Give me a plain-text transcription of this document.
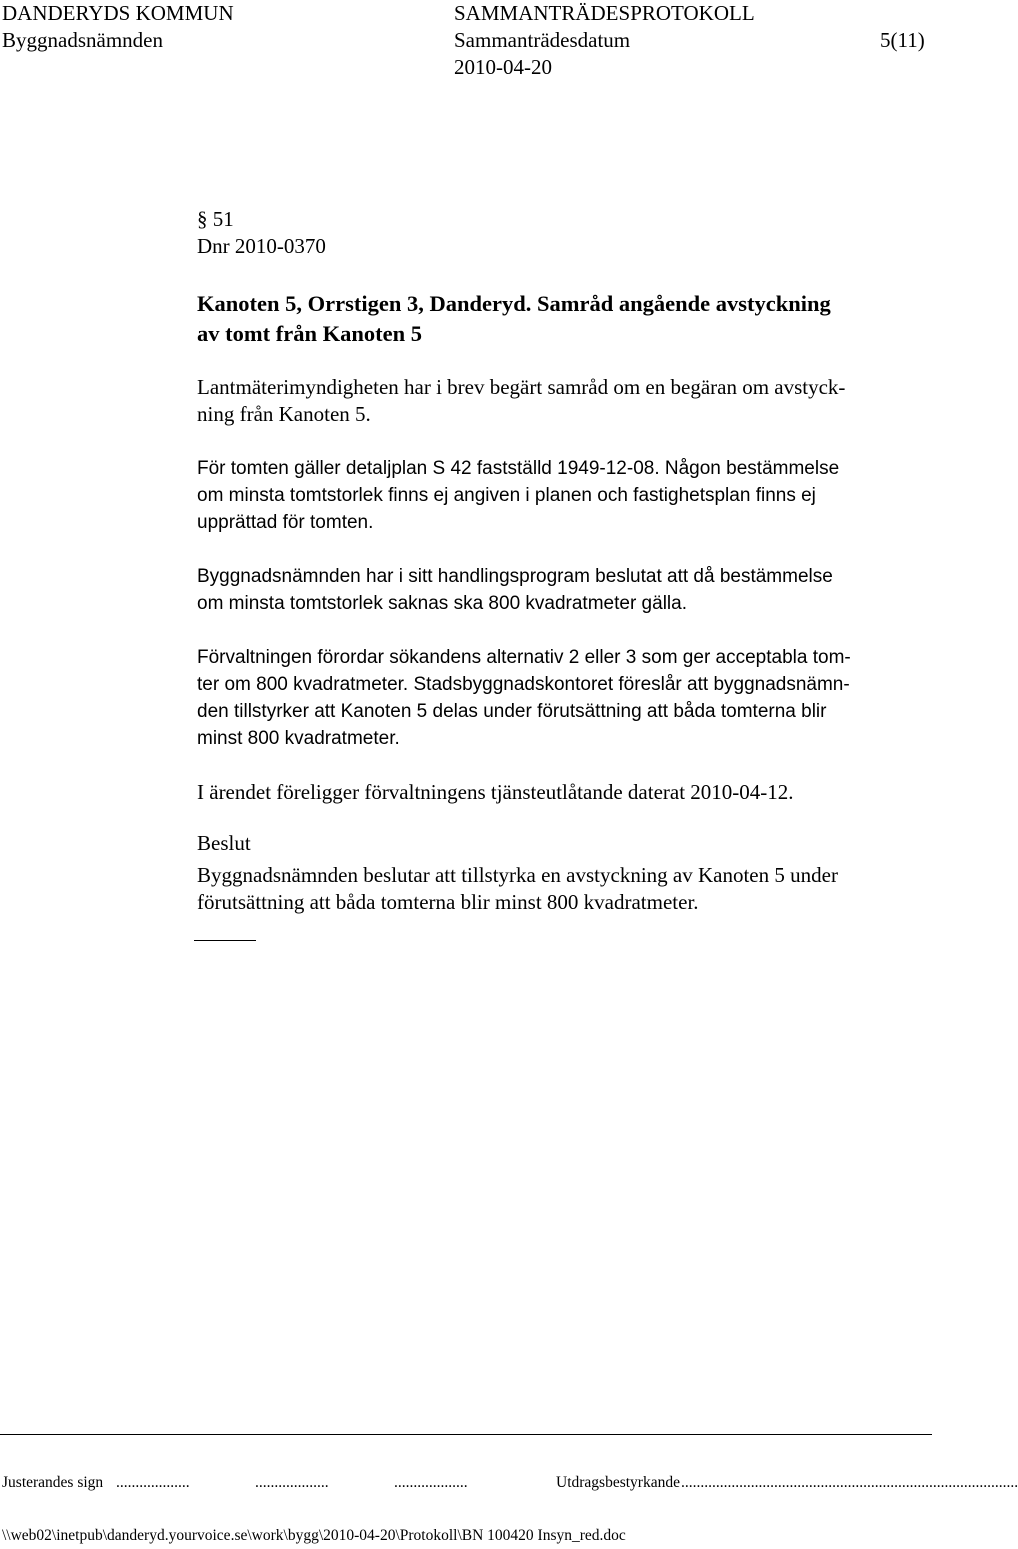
DANDERYDS KOMMUN
Byggnadsnämnden
SAMMANTRÄDESPROTOKOLL
Sammanträdesdatum
2010-04-20
5(11)
§ 51
Dnr 2010-0370
Kanoten 5, Orrstigen 3, Danderyd. Samråd angående avstyckning
av tomt från Kanoten 5
Lantmäterimyndigheten har i brev begärt samråd om en begäran om avstyck-
ning från Kanoten 5.
För tomten gäller detaljplan S 42 fastställd 1949-12-08. Någon bestämmelse
om minsta tomtstorlek finns ej angiven i planen och fastighetsplan finns ej
upprättad för tomten.
Byggnadsnämnden har i sitt handlingsprogram beslutat att då bestämmelse
om minsta tomtstorlek saknas ska 800 kvadratmeter gälla.
Förvaltningen förordar sökandens alternativ 2 eller 3 som ger acceptabla tom-
ter om 800 kvadratmeter. Stadsbyggnadskontoret föreslår att byggnadsnämn-
den tillstyrker att Kanoten 5 delas under förutsättning att båda tomterna blir
minst 800 kvadratmeter.
I ärendet föreligger förvaltningens tjänsteutlåtande daterat 2010-04-12.
Beslut
Byggnadsnämnden beslutar att tillstyrka en avstyckning av Kanoten 5 under
förutsättning att båda tomterna blir minst 800 kvadratmeter.
Justerandes sign ...................	...................	...................	Utdragsbestyrkande .......................................................................................
\\web02\inetpub\danderyd.yourvoice.se\work\bygg\2010-04-20\Protokoll\BN 100420 Insyn_red.doc
